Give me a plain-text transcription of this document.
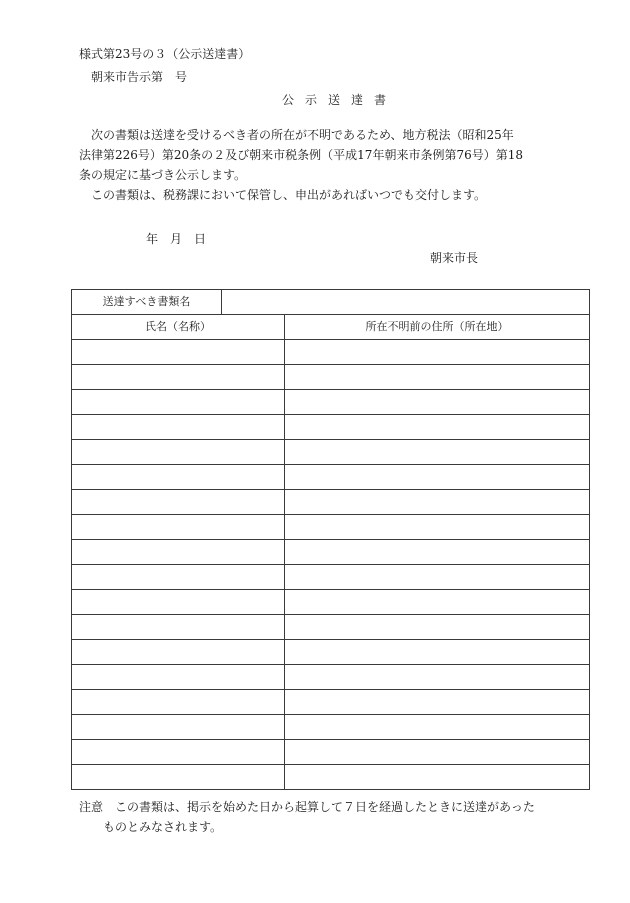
様式第23号の３（公示送達書）
朝来市告示第　号
公示送達書

　次の書類は送達を受けるべき者の所在が不明であるため、地方税法（昭和25年

法律第226号）第20条の２及び朝来市税条例（平成17年朝来市条例第76号）第18

条の規定に基づき公示します。

　この書類は、税務課において保管し、申出があればいつでも交付します。

年　月　日
朝来市長
送達すべき書類名		
氏名（名称）		所在不明前の住所（所在地）

注意　この書類は、掲示を始めた日から起算して７日を経過したときに送達があった

ものとみなされます。
